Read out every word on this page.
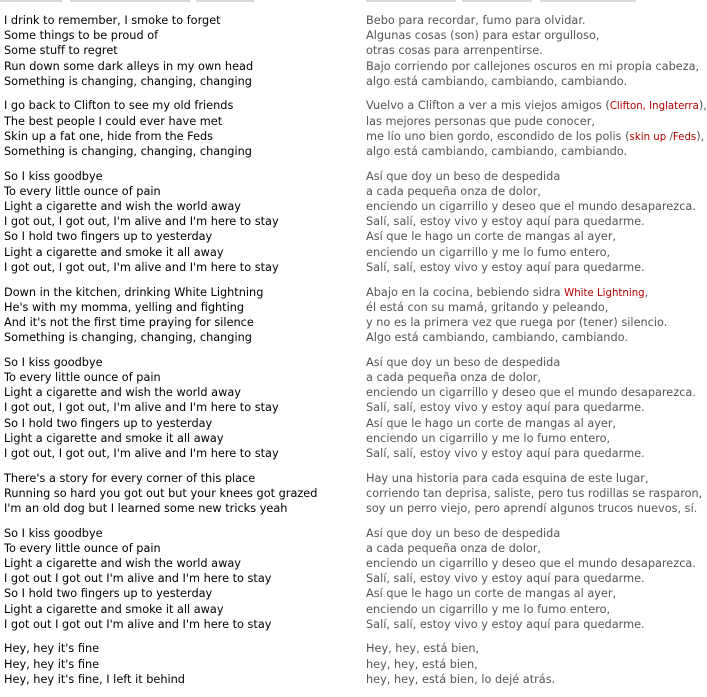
I drink to remember, I smoke to forget
Some things to be proud of
Some stuff to regret
Run down some dark alleys in my own head
Something is changing, changing, changing
I go back to Clifton to see my old friends
The best people I could ever have met
Skin up a fat one, hide from the Feds
Something is changing, changing, changing
So I kiss goodbye
To every little ounce of pain
Light a cigarette and wish the world away
I got out, I got out, I'm alive and I'm here to stay
So I hold two fingers up to yesterday
Light a cigarette and smoke it all away
I got out, I got out, I'm alive and I'm here to stay
Down in the kitchen, drinking White Lightning
He's with my momma, yelling and fighting
And it's not the first time praying for silence
Something is changing, changing, changing
So I kiss goodbye
To every little ounce of pain
Light a cigarette and wish the world away
I got out, I got out, I'm alive and I'm here to stay
So I hold two fingers up to yesterday
Light a cigarette and smoke it all away
I got out, I got out, I'm alive and I'm here to stay
There's a story for every corner of this place
Running so hard you got out but your knees got grazed
I'm an old dog but I learned some new tricks yeah
So I kiss goodbye
To every little ounce of pain
Light a cigarette and wish the world away
I got out I got out I'm alive and I'm here to stay
So I hold two fingers up to yesterday
Light a cigarette and smoke it all away
I got out I got out I'm alive and I'm here to stay
Hey, hey it's fine
Hey, hey it's fine
Hey, hey it's fine, I left it behind
Bebo para recordar, fumo para olvidar.
Algunas cosas (son) para estar orgulloso,
otras cosas para arrenpentirse.
Bajo corriendo por callejones oscuros en mi propia cabeza,
algo está cambiando, cambiando, cambiando.
Vuelvo a Clifton a ver a mis viejos amigos (Clifton, Inglaterra),
las mejores personas que pude conocer,
me lío uno bien gordo, escondido de los polis (skin up /Feds),
algo está cambiando, cambiando, cambiando.
Así que doy un beso de despedida
a cada pequeña onza de dolor,
enciendo un cigarrillo y deseo que el mundo desaparezca.
Salí, salí, estoy vivo y estoy aquí para quedarme.
Así que le hago un corte de mangas al ayer,
enciendo un cigarrillo y me lo fumo entero,
Salí, salí, estoy vivo y estoy aquí para quedarme.
Abajo en la cocina, bebiendo sidra White Lightning,
él está con su mamá, gritando y peleando,
y no es la primera vez que ruega por (tener) silencio.
Algo está cambiando, cambiando, cambiando.
Así que doy un beso de despedida
a cada pequeña onza de dolor,
enciendo un cigarrillo y deseo que el mundo desaparezca.
Salí, salí, estoy vivo y estoy aquí para quedarme.
Así que le hago un corte de mangas al ayer,
enciendo un cigarrillo y me lo fumo entero,
Salí, salí, estoy vivo y estoy aquí para quedarme.
Hay una historia para cada esquina de este lugar,
corriendo tan deprisa, saliste, pero tus rodillas se rasparon,
soy un perro viejo, pero aprendí algunos trucos nuevos, sí.
Así que doy un beso de despedida
a cada pequeña onza de dolor,
enciendo un cigarrillo y deseo que el mundo desaparezca.
Salí, salí, estoy vivo y estoy aquí para quedarme.
Así que le hago un corte de mangas al ayer,
enciendo un cigarrillo y me lo fumo entero,
Salí, salí, estoy vivo y estoy aquí para quedarme.
Hey, hey, está bien,
hey, hey, está bien,
hey, hey, está bien, lo dejé atrás.
